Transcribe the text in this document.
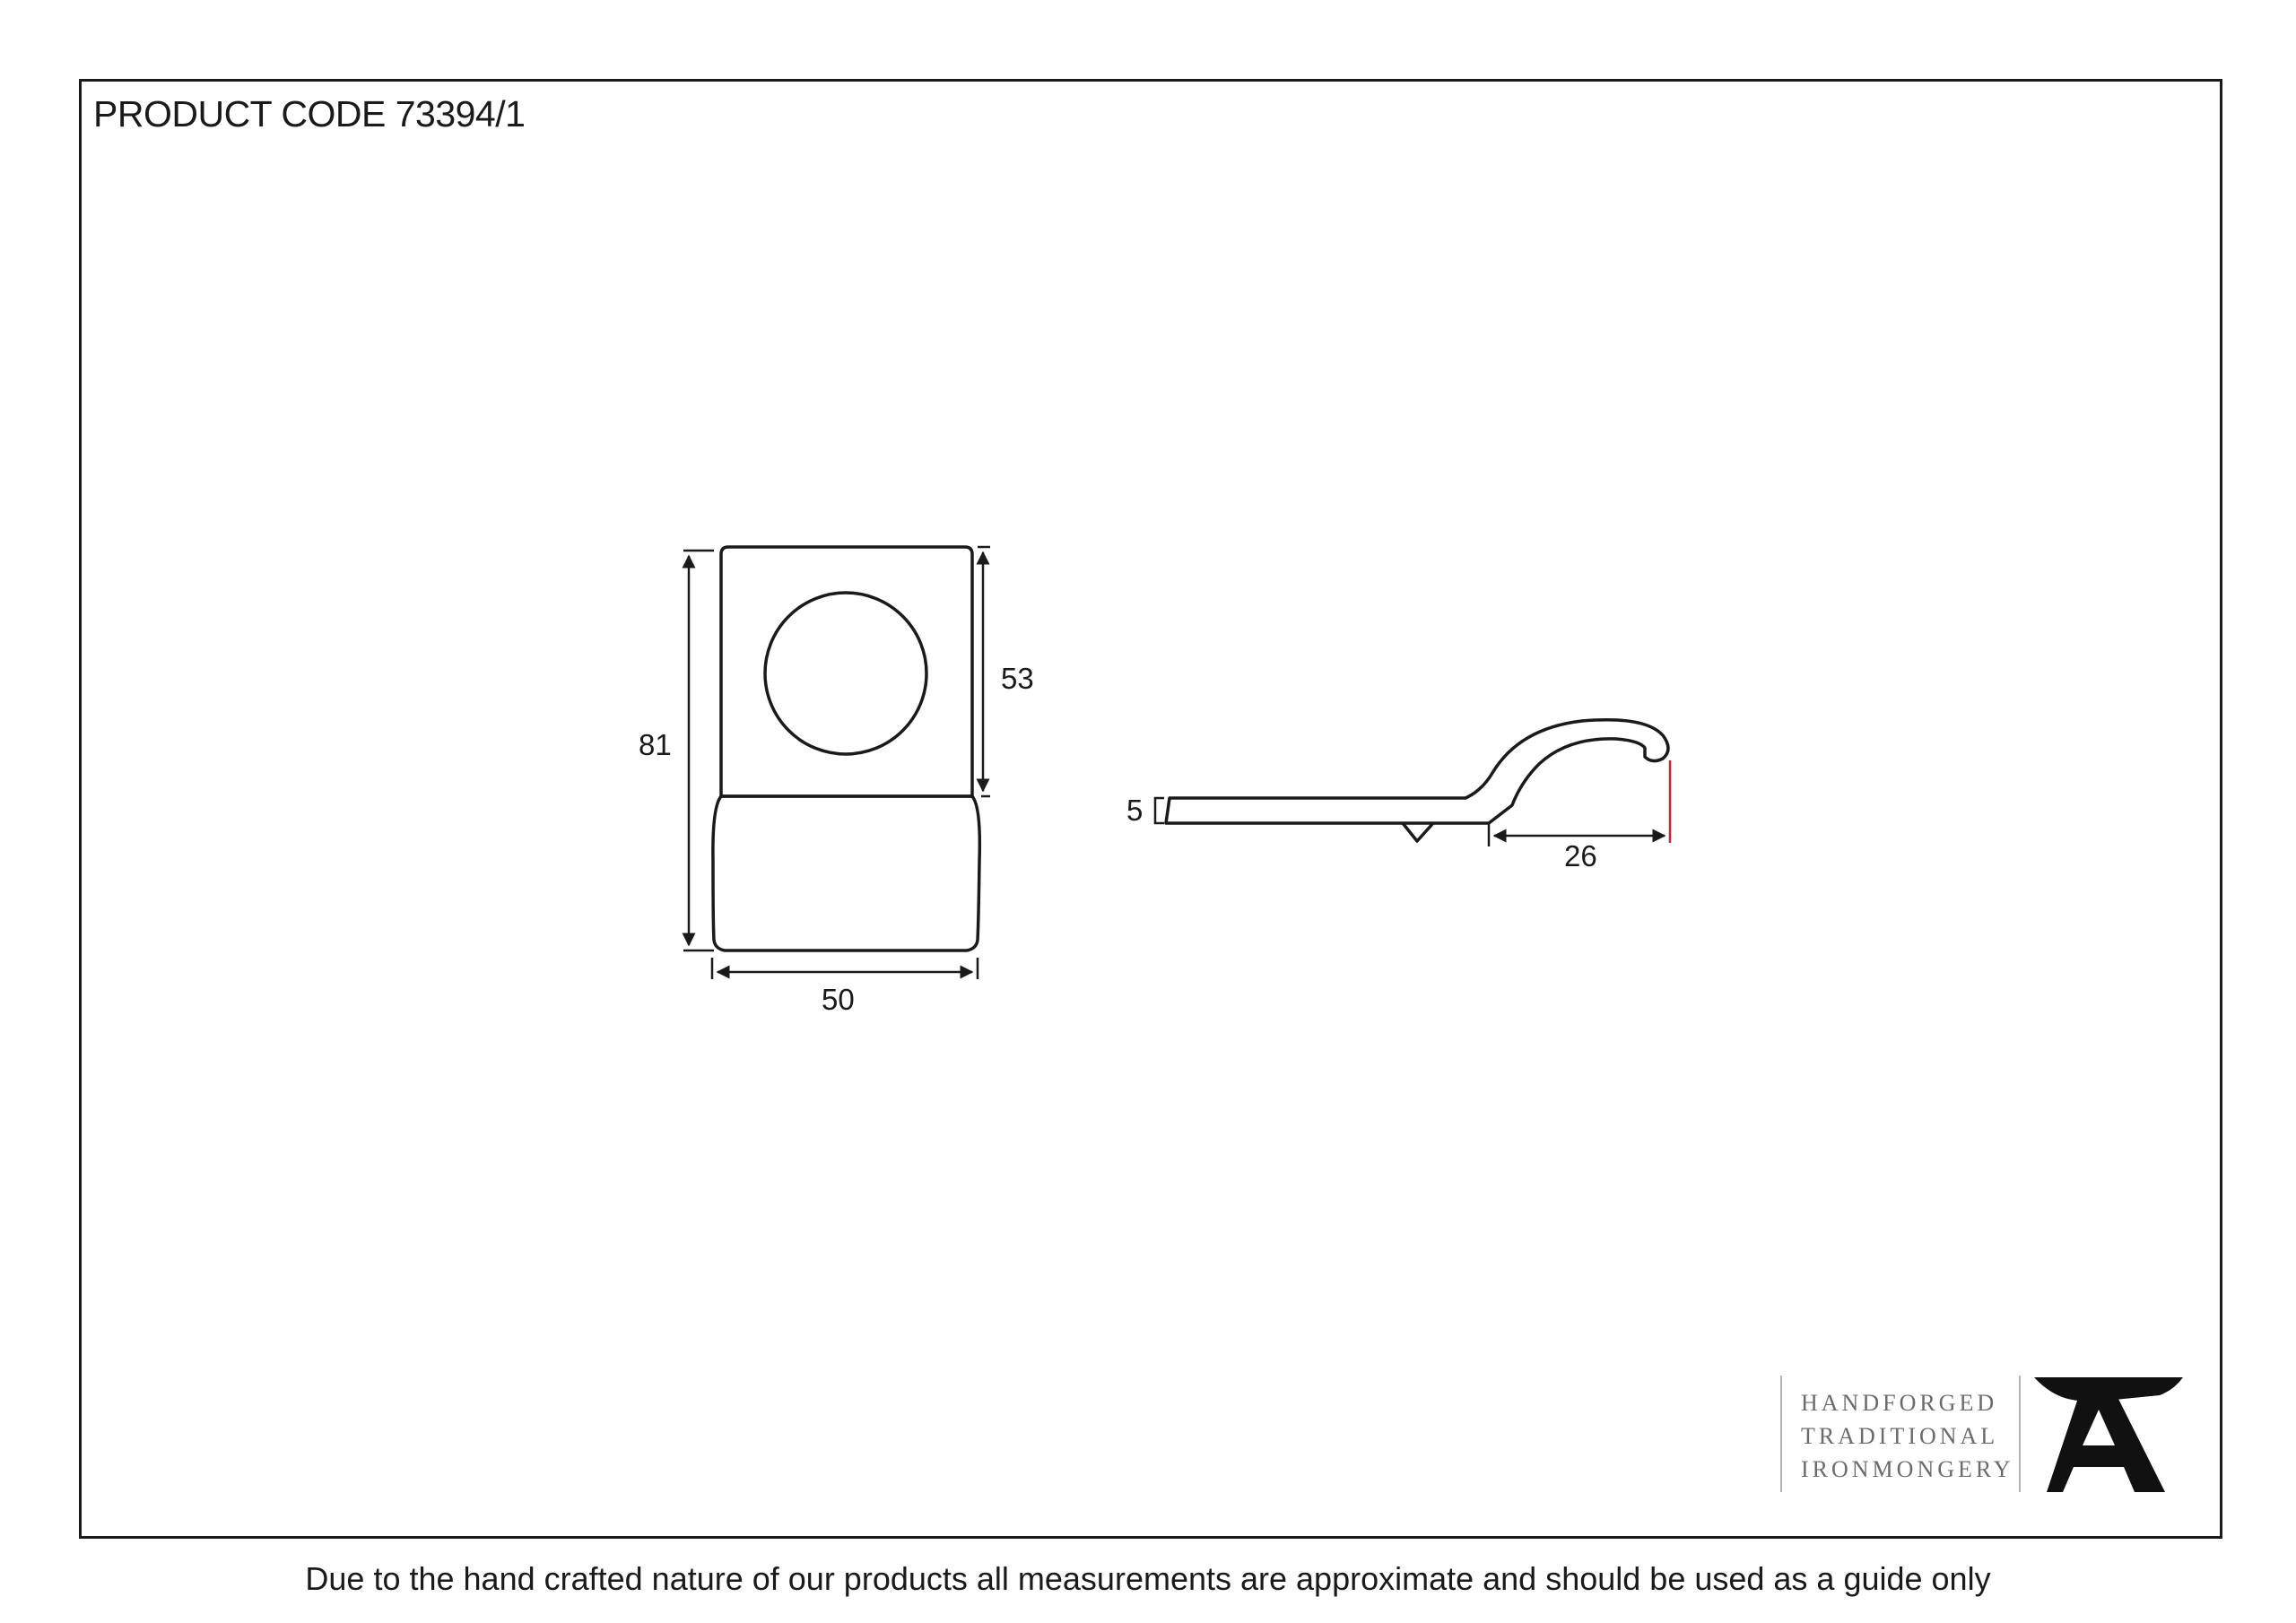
PRODUCT CODE 73394/1
81
53
50
5
26
HANDFORGED
TRADITIONAL
IRONMONGERY
Due to the hand crafted nature of our products all measurements are approximate and should be used as a guide only
